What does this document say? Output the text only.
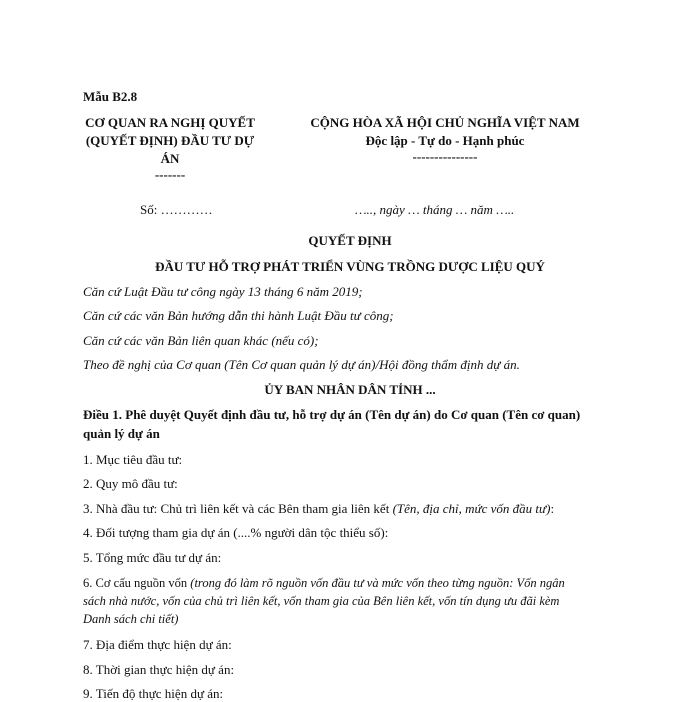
Mẫu B2.8
CƠ QUAN RA NGHỊ QUYẾT
(QUYẾT ĐỊNH) ĐẦU TƯ DỰ
ÁN
-------
CỘNG HÒA XÃ HỘI CHỦ NGHĨA VIỆT NAM
Độc lập - Tự do - Hạnh phúc
---------------
Số: …………	….., ngày … tháng … năm …..
QUYẾT ĐỊNH
ĐẦU TƯ HỖ TRỢ PHÁT TRIỂN VÙNG TRỒNG DƯỢC LIỆU QUÝ
Căn cứ Luật Đầu tư công ngày 13 tháng 6 năm 2019;
Căn cứ các văn Bản hướng dẫn thi hành Luật Đầu tư công;
Căn cứ các văn Bản liên quan khác (nếu có);
Theo đề nghị của Cơ quan (Tên Cơ quan quản lý dự án)/Hội đồng thẩm định dự án.
ỦY BAN NHÂN DÂN TỈNH ...
Điều 1. Phê duyệt Quyết định đầu tư, hỗ trợ dự án (Tên dự án) do Cơ quan (Tên cơ quan)
quản lý dự án
1. Mục tiêu đầu tư:
2. Quy mô đầu tư:
3. Nhà đầu tư: Chủ trì liên kết và các Bên tham gia liên kết (Tên, địa chỉ, mức vốn đầu tư):
4. Đối tượng tham gia dự án (....% người dân tộc thiểu số):
5. Tổng mức đầu tư dự án:
6. Cơ cấu nguồn vốn (trong đó làm rõ nguồn vốn đầu tư và mức vốn theo từng nguồn: Vốn ngân
sách nhà nước, vốn của chủ trì liên kết, vốn tham gia của Bên liên kết, vốn tín dụng ưu đãi kèm
Danh sách chi tiết)
7. Địa điểm thực hiện dự án:
8. Thời gian thực hiện dự án:
9. Tiến độ thực hiện dự án:
